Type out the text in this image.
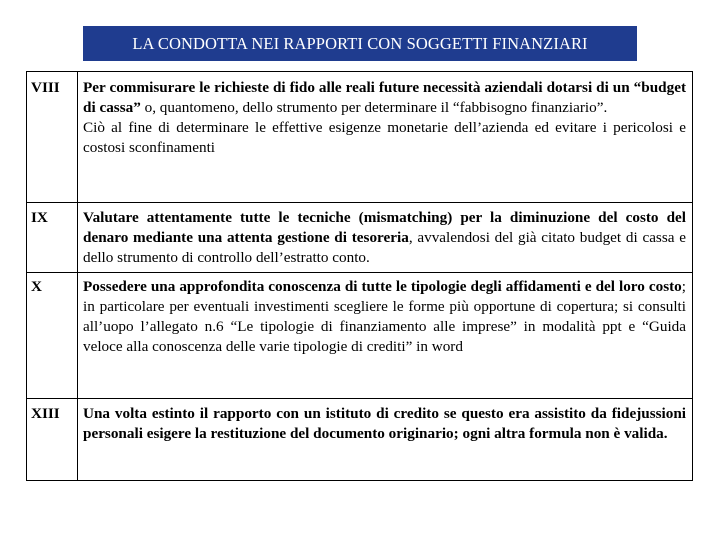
LA CONDOTTA NEI RAPPORTI CON SOGGETTI FINANZIARI
VIII	Per commisurare le richieste di fido alle reali future necessità aziendali dotarsi di un “budget di cassa” o, quantomeno, dello strumento per determinare il “fabbisogno finanziario”.

Ciò al fine di determinare le effettive esigenze monetarie dell’azienda ed evitare i pericolosi e costosi sconfinamenti

IX	Valutare attentamente tutte le tecniche (mismatching) per la diminuzione del costo del denaro mediante una attenta gestione di tesoreria, avvalendosi del già citato budget di cassa e dello strumento di controllo dell’estratto conto.

X	Possedere una approfondita conoscenza di tutte le tipologie degli affidamenti e del loro costo; in particolare per eventuali investimenti scegliere le forme più opportune di copertura; si consulti all’uopo l’allegato n.6 “Le tipologie di finanziamento alle imprese” in modalità ppt e “Guida veloce alla conoscenza delle varie tipologie di crediti” in word

XIII	Una volta estinto il rapporto con un istituto di credito se questo era assistito da fidejussioni personali esigere la restituzione del documento originario; ogni altra formula non è valida.
